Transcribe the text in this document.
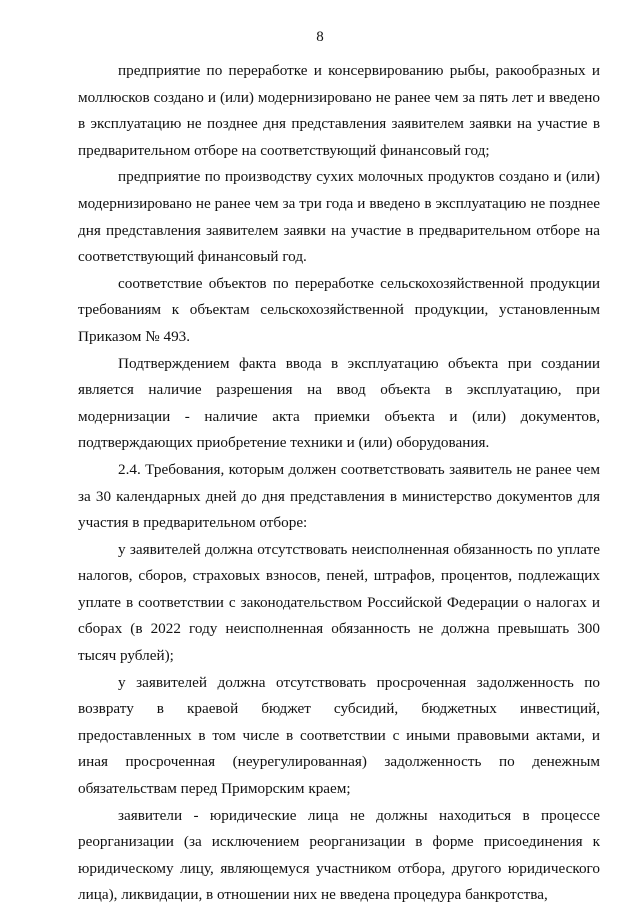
8

предприятие по переработке и консервированию рыбы, ракообразных и моллюсков создано и (или) модернизировано не ранее чем за пять лет и введено в эксплуатацию не позднее дня представления заявителем заявки на участие в предварительном отборе на соответствующий финансовый год;

предприятие по производству сухих молочных продуктов создано и (или) модернизировано не ранее чем за три года и введено в эксплуатацию не позднее дня представления заявителем заявки на участие в предварительном отборе на соответствующий финансовый год.

соответствие объектов по переработке сельскохозяйственной продукции требованиям к объектам сельскохозяйственной продукции, установленным Приказом № 493.

Подтверждением факта ввода в эксплуатацию объекта при создании является наличие разрешения на ввод объекта в эксплуатацию, при модернизации - наличие акта приемки объекта и (или) документов, подтверждающих приобретение техники и (или) оборудования.

2.4. Требования, которым должен соответствовать заявитель не ранее чем за 30 календарных дней до дня представления в министерство документов для участия в предварительном отборе:

у заявителей должна отсутствовать неисполненная обязанность по уплате налогов, сборов, страховых взносов, пеней, штрафов, процентов, подлежащих уплате в соответствии с законодательством Российской Федерации о налогах и сборах (в 2022 году неисполненная обязанность не должна превышать 300 тысяч рублей);

у заявителей должна отсутствовать просроченная задолженность по возврату в краевой бюджет субсидий, бюджетных инвестиций, предоставленных в том числе в соответствии с иными правовыми актами, и иная просроченная (неурегулированная) задолженность по денежным обязательствам перед Приморским краем;

заявители - юридические лица не должны находиться в процессе реорганизации (за исключением реорганизации в форме присоединения к юридическому лицу, являющемуся участником отбора, другого юридического лица), ликвидации, в отношении них не введена процедура банкротства,
